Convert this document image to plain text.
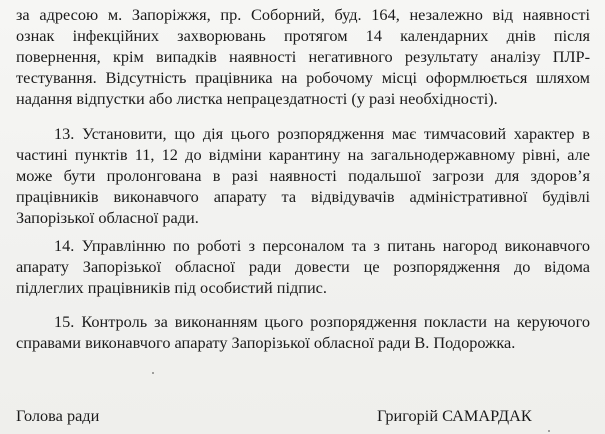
за адресою м. Запоріжжя, пр. Соборний, буд. 164, незалежно від наявності
ознак інфекційних захворювань протягом 14 календарних днів після
повернення, крім випадків наявності негативного результату аналізу ПЛР-
тестування. Відсутність працівника на робочому місці оформлюється шляхом
надання відпустки або листка непрацездатності (у разі необхідності).
13. Установити, що дія цього розпорядження має тимчасовий характер в
частині пунктів 11, 12 до відміни карантину на загальнодержавному рівні, але
може бути пролонгована в разі наявності подальшої загрози для здоров’я
працівників виконавчого апарату та відвідувачів адміністративної будівлі
Запорізької обласної ради.
14. Управлінню по роботі з персоналом та з питань нагород виконавчого
апарату Запорізької обласної ради довести це розпорядження до відома
підлеглих працівників під особистий підпис.
15. Контроль за виконанням цього розпорядження покласти на керуючого
справами виконавчого апарату Запорізької обласної ради В. Подорожка.
Голова ради	Григорій САМАРДАК
